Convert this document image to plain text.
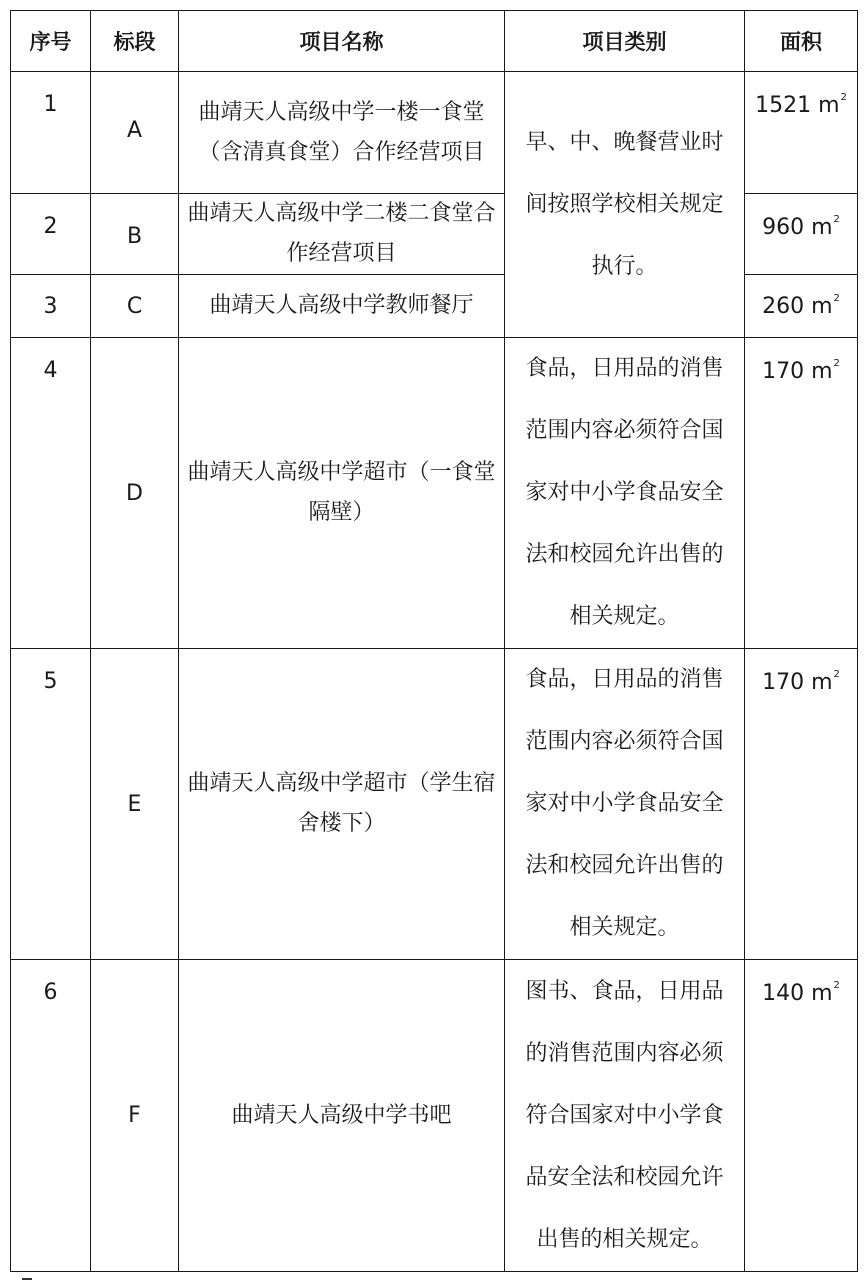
序号	标段	项目名称	项目类别	面积
1	A	曲靖天人高级中学一楼一食堂（含清真食堂）合作经营项目	早、中、晚餐营业时间按照学校相关规定执行。	1521 $m^2$
2	B	曲靖天人高级中学二楼二食堂合作经营项目		960 $m^2$
3	C	曲靖天人高级中学教师餐厅		260 $m^2$
4	D	曲靖天人高级中学超市（一食堂隔壁）	食品，日用品的消售范围内容必须符合国家对中小学食品安全法和校园允许出售的相关规定。	170 $m^2$
5	E	曲靖天人高级中学超市（学生宿舍楼下）	食品，日用品的消售范围内容必须符合国家对中小学食品安全法和校园允许出售的相关规定。	170 $m^2$
6	F	曲靖天人高级中学书吧	图书、食品，日用品的消售范围内容必须符合国家对中小学食品安全法和校园允许出售的相关规定。	140 $m^2$
